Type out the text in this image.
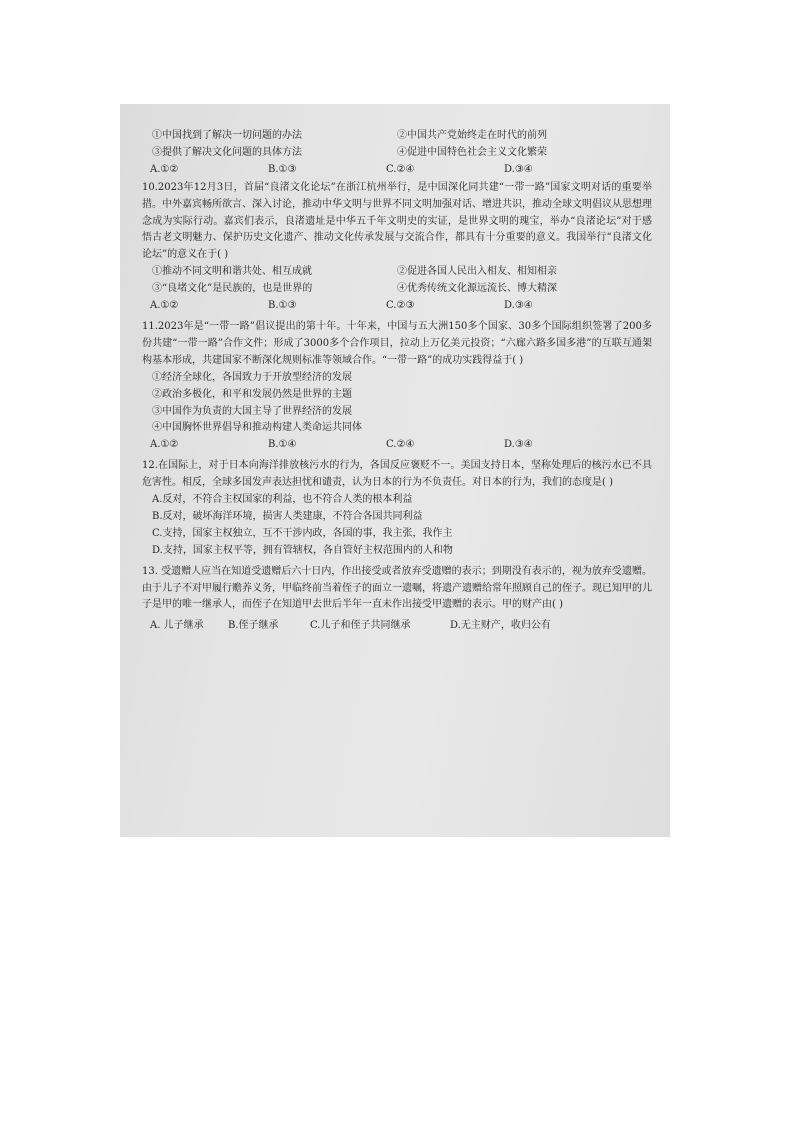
①中国找到了解决一切问题的办法	②中国共产党始终走在时代的前列
③提供了解决文化问题的具体方法	④促进中国特色社会主义文化繁荣
A.①②	B.①③	C.②④	D.③④
10.2023年12月3日，首届“良渚文化论坛”在浙江杭州举行，是中国深化同共建“一带一路”国家文明对话的重要举措。中外嘉宾畅所欲言、深入讨论，推动中华文明与世界不同文明加强对话、增进共识，推动全球文明倡议从思想理念成为实际行动。嘉宾们表示，良渚遗址是中华五千年文明史的实证，是世界文明的瑰宝，举办“良渚论坛”对于感悟古老文明魅力、保护历史文化遗产、推动文化传承发展与交流合作，都具有十分重要的意义。我国举行“良渚文化论坛”的意义在于( )
①推动不同文明和谐共处、相互成就	②促进各国人民出入相友、相知相亲
③“良堵文化”是民族的，也是世界的	④优秀传统文化源远流长、博大精深
A.①②	B.①③	C.②③	D.③④
11.2023年是“一带一路”倡议提出的第十年。十年来，中国与五大洲150多个国家、30多个国际组织签署了200多份共建“一带一路”合作文件；形成了3000多个合作项目，拉动上万亿美元投资；“六廊六路多国多港”的互联互通架构基本形成，共建国家不断深化规则标准等领域合作。“一带一路”的成功实践得益于( )
①经济全球化，各国致力于开放型经济的发展
②政治多极化，和平和发展仍然是世界的主题
③中国作为负责的大国主导了世界经济的发展
④中国胸怀世界倡导和推动构建人类命运共同体
A.①②	B.①④	C.②④	D.③④
12.在国际上，对于日本向海洋排放核污水的行为，各国反应褒贬不一。美国支持日本，坚称处理后的核污水已不具危害性。相反，全球多国发声表达担忧和谴责，认为日本的行为不负责任。对日本的行为，我们的态度是( )
A.反对，不符合主权国家的利益，也不符合人类的根本利益
B.反对，破坏海洋环境，损害人类建康，不符合各国共同利益
C.支持，国家主权独立，互不干涉内政，各国的事，我主张，我作主
D.支持，国家主权平等，拥有管辖权，各自管好主权范围内的人和物
13. 受遗赠人应当在知道受遗赠后六十日内，作出接受或者放弃受遗赠的表示；到期没有表示的，视为放弃受遗赠。由于儿子不对甲履行赡养义务，甲临终前当着侄子的面立一遗嘱，将遗产遗赠给常年照顾自己的侄子。现已知甲的儿子是甲的唯一继承人，而侄子在知道甲去世后半年一直未作出接受甲遗赠的表示。甲的财产由( )
A. 儿子继承	B.侄子继承	C.儿子和侄子共同继承	D.无主财产，收归公有
